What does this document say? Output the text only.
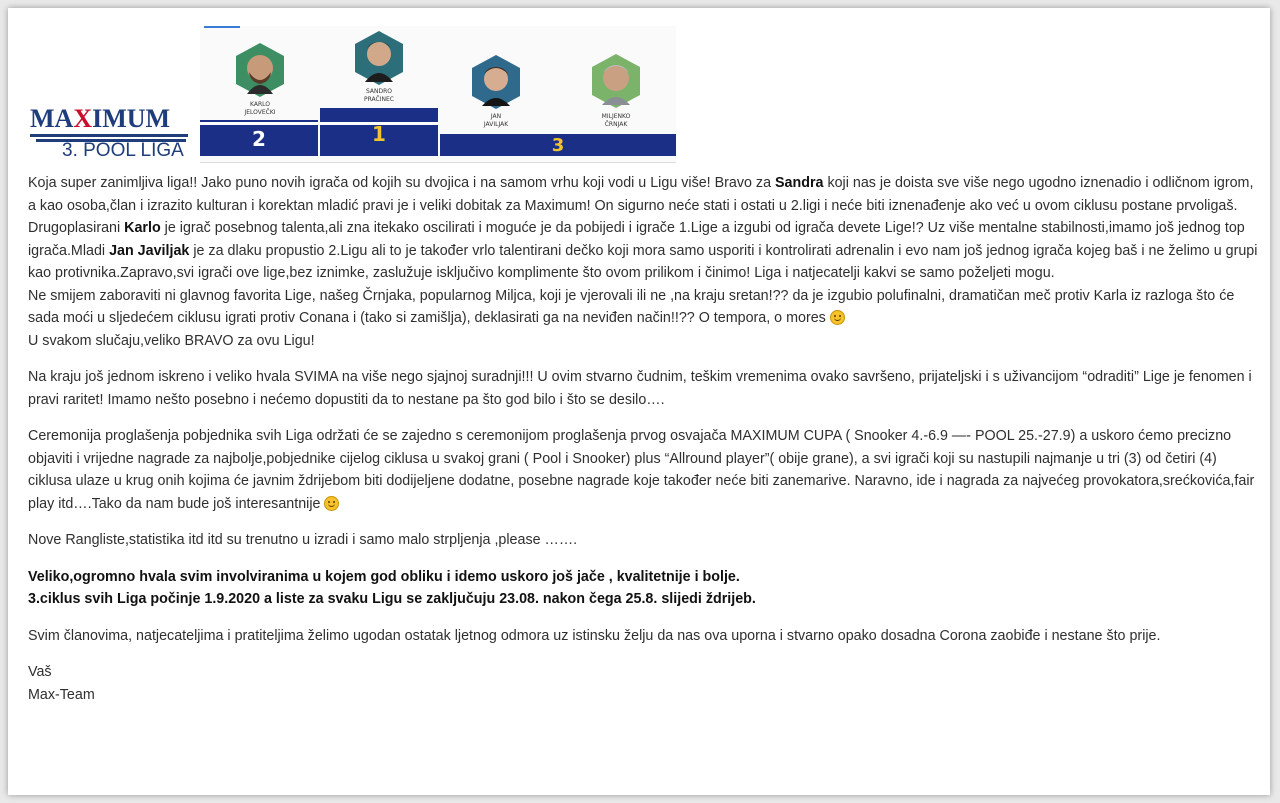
MAXIMUM
3. POOL LIGA
KARLO
JELOVEČKI
SANDRO
PRAČINEC
JAN
JAVILJAK
MILJENKO
ČRNJAK
2	1	3

Koja super zanimljiva liga!! Jako puno novih igrača od kojih su dvojica i na samom vrhu koji vodi u Ligu više! Bravo za Sandra koji nas je doista sve više nego ugodno iznenadio i odličnom igrom, a kao osoba,član i izrazito kulturan i korektan mladić pravi je i veliki dobitak za Maximum! On sigurno neće stati i ostati u 2.ligi i neće biti iznenađenje ako već u ovom ciklusu postane prvoligaš.
Drugoplasirani Karlo je igrač posebnog talenta,ali zna itekako oscilirati i moguće je da pobijedi i igrače 1.Lige a izgubi od igrača devete Lige!? Uz više mentalne stabilnosti,imamo još jednog top igrača.Mladi Jan Javiljak je za dlaku propustio 2.Ligu ali to je također vrlo talentirani dečko koji mora samo usporiti i kontrolirati adrenalin i evo nam još jednog igrača kojeg baš i ne želimo u grupi kao protivnika.Zapravo,svi igrači ove lige,bez iznimke, zaslužuje isključivo komplimente što ovom prilikom i činimo! Liga i natjecatelji kakvi se samo poželjeti mogu.
Ne smijem zaboraviti ni glavnog favorita Lige, našeg Črnjaka, popularnog Miljca, koji je vjerovali ili ne ,na kraju sretan!?? da je izgubio polufinalni, dramatičan meč protiv Karla iz razloga što će sada moći u sljedećem ciklusu igrati protiv Conana i (tako si zamišlja), deklasirati ga na neviđen način!!?? O tempora, o mores
U svakom slučaju,veliko BRAVO za ovu Ligu!

Na kraju još jednom iskreno i veliko hvala SVIMA na više nego sjajnoj suradnji!!! U ovim stvarno čudnim, teškim vremenima ovako savršeno, prijateljski i s uživancijom “odraditi” Lige je fenomen i pravi raritet! Imamo nešto posebno i nećemo dopustiti da to nestane pa što god bilo i što se desilo….

Ceremonija proglašenja pobjednika svih Liga održati će se zajedno s ceremonijom proglašenja prvog osvajača MAXIMUM CUPA ( Snooker 4.-6.9 —- POOL 25.-27.9) a uskoro ćemo precizno objaviti i vrijedne nagrade za najbolje,pobjednike cijelog ciklusa u svakoj grani ( Pool i Snooker) plus “Allround player”( obije grane), a svi igrači koji su nastupili najmanje u tri (3) od četiri (4) ciklusa ulaze u krug onih kojima će javnim ždrijebom biti dodijeljene dodatne, posebne nagrade koje također neće biti zanemarive. Naravno, ide i nagrada za najvećeg provokatora,srećkovića,fair play itd….Tako da nam bude još interesantnije

Nove Rangliste,statistika itd itd su trenutno u izradi i samo malo strpljenja ,please …….

Veliko,ogromno hvala svim involviranima u kojem god obliku i idemo uskoro još jače , kvalitetnije i bolje.
3.ciklus svih Liga počinje 1.9.2020 a liste za svaku Ligu se zaključuju 23.08. nakon čega 25.8. slijedi ždrijeb.

Svim članovima, natjecateljima i pratiteljima želimo ugodan ostatak ljetnog odmora uz istinsku želju da nas ova uporna i stvarno opako dosadna Corona zaobiđe i nestane što prije.

Vaš
Max-Team
